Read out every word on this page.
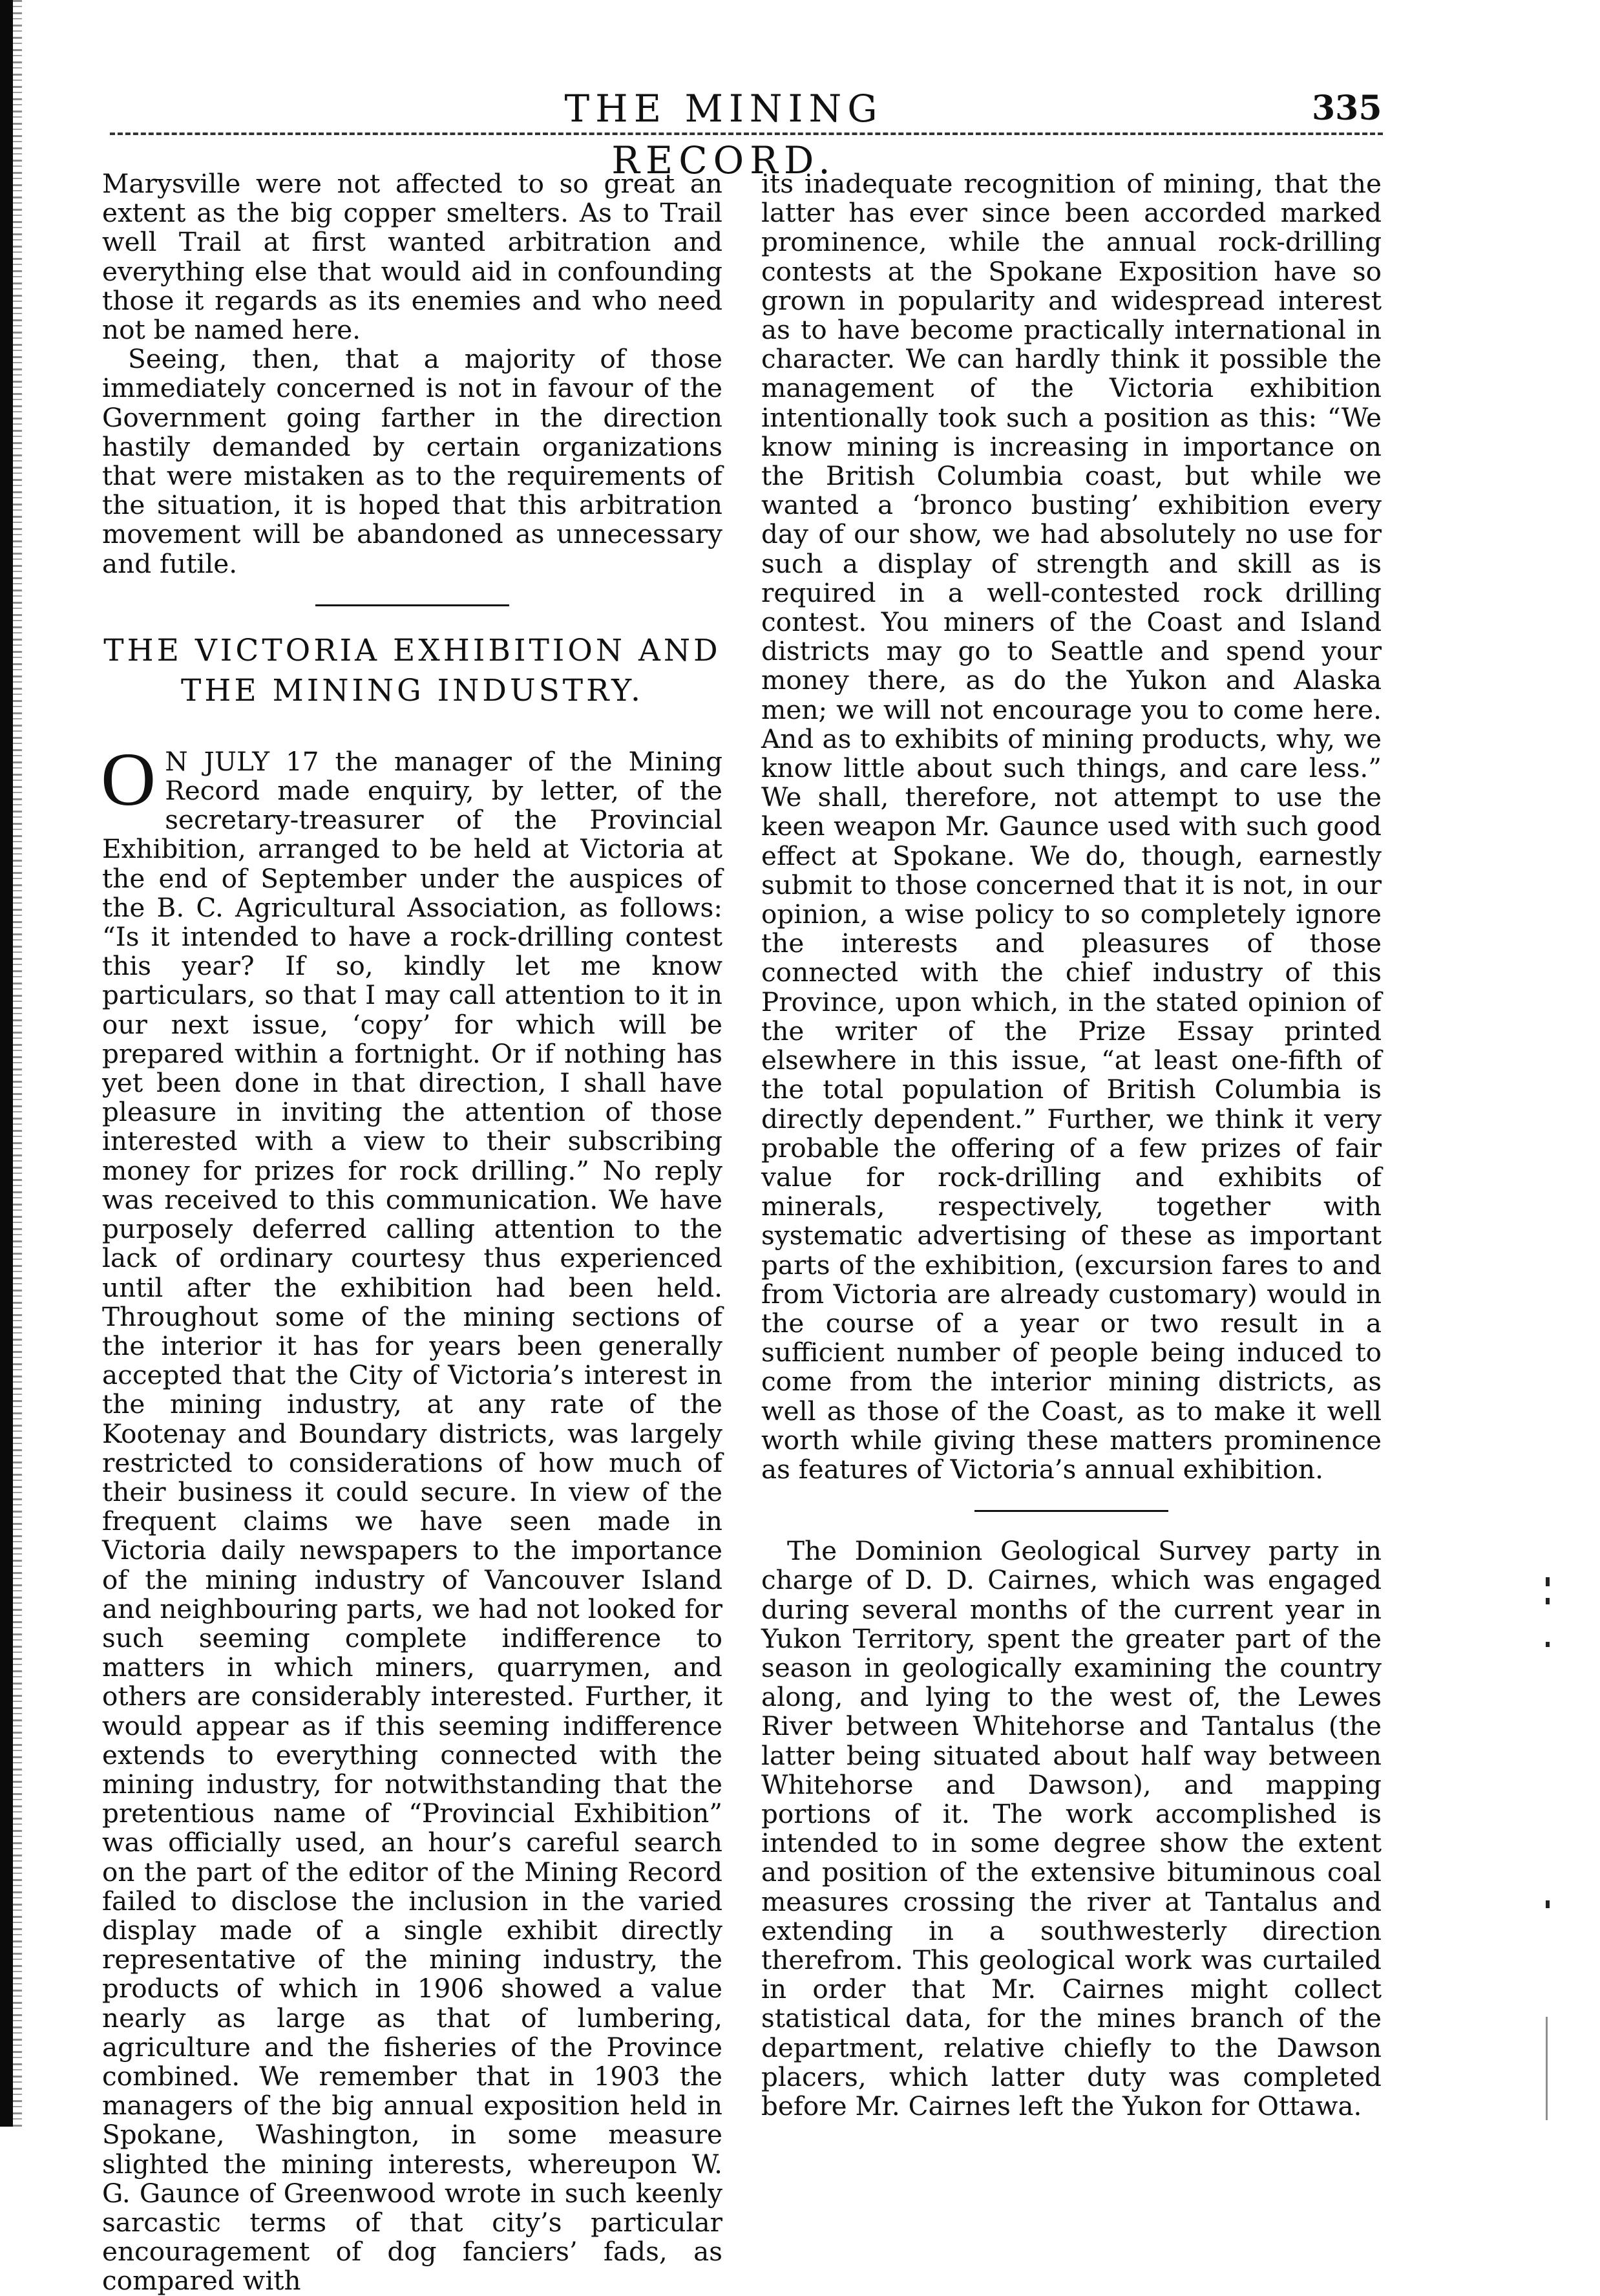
THE MINING RECORD.
335

Marysville were not affected to so great an extent as the big copper smelters. As to Trail well Trail at first wanted arbitration and everything else that would aid in confounding those it regards as its enemies and who need not be named here.

Seeing, then, that a majority of those immediately concerned is not in favour of the Government going farther in the direction hastily demanded by certain organizations that were mistaken as to the requirements of the situation, it is hoped that this arbitration movement will be abandoned as unnecessary and futile.

THE VICTORIA EXHIBITION AND THE MINING INDUSTRY.

O N JULY 17 the manager of the Mining Record made enquiry, by letter, of the secretary-treasurer of the Provincial Exhibition, arranged to be held at Victoria at the end of September under the auspices of the B. C. Agricultural Association, as follows: “Is it intended to have a rock-drilling contest this year? If so, kindly let me know particulars, so that I may call attention to it in our next issue, ‘copy’ for which will be prepared within a fortnight. Or if nothing has yet been done in that direction, I shall have pleasure in inviting the attention of those interested with a view to their subscribing money for prizes for rock drilling.” No reply was received to this communication. We have purposely deferred calling attention to the lack of ordinary courtesy thus experienced until after the exhibition had been held. Throughout some of the mining sections of the interior it has for years been generally accepted that the City of Victoria’s interest in the mining industry, at any rate of the Kootenay and Boundary districts, was largely restricted to considerations of how much of their business it could secure. In view of the frequent claims we have seen made in Victoria daily newspapers to the importance of the mining industry of Vancouver Island and neighbouring parts, we had not looked for such seeming complete indifference to matters in which miners, quarrymen, and others are considerably interested. Further, it would appear as if this seeming indifference extends to everything connected with the mining industry, for notwithstanding that the pretentious name of “Provincial Exhibition” was officially used, an hour’s careful search on the part of the editor of the Mining Record failed to disclose the inclusion in the varied display made of a single exhibit directly representative of the mining industry, the products of which in 1906 showed a value nearly as large as that of lumbering, agriculture and the fisheries of the Province combined. We remember that in 1903 the managers of the big annual exposition held in Spokane, Washington, in some measure slighted the mining interests, whereupon W. G. Gaunce of Greenwood wrote in such keenly sarcastic terms of that city’s particular encouragement of dog fanciers’ fads, as compared with

its inadequate recognition of mining, that the latter has ever since been accorded marked prominence, while the annual rock-drilling contests at the Spokane Exposition have so grown in popularity and widespread interest as to have become practically international in character. We can hardly think it possible the management of the Victoria exhibition intentionally took such a position as this: “We know mining is increasing in importance on the British Columbia coast, but while we wanted a ‘bronco busting’ exhibition every day of our show, we had absolutely no use for such a display of strength and skill as is required in a well-contested rock drilling contest. You miners of the Coast and Island districts may go to Seattle and spend your money there, as do the Yukon and Alaska men; we will not encourage you to come here. And as to exhibits of mining products, why, we know little about such things, and care less.” We shall, therefore, not attempt to use the keen weapon Mr. Gaunce used with such good effect at Spokane. We do, though, earnestly submit to those concerned that it is not, in our opinion, a wise policy to so completely ignore the interests and pleasures of those connected with the chief industry of this Province, upon which, in the stated opinion of the writer of the Prize Essay printed elsewhere in this issue, “at least one-fifth of the total population of British Columbia is directly dependent.” Further, we think it very probable the offering of a few prizes of fair value for rock-drilling and exhibits of minerals, respectively, together with systematic advertising of these as important parts of the exhibition, (excursion fares to and from Victoria are already customary) would in the course of a year or two result in a sufficient number of people being induced to come from the interior mining districts, as well as those of the Coast, as to make it well worth while giving these matters prominence as features of Victoria’s annual exhibition.

The Dominion Geological Survey party in charge of D. D. Cairnes, which was engaged during several months of the current year in Yukon Territory, spent the greater part of the season in geologically examining the country along, and lying to the west of, the Lewes River between Whitehorse and Tantalus (the latter being situated about half way between Whitehorse and Dawson), and mapping portions of it. The work accomplished is intended to in some degree show the extent and position of the extensive bituminous coal measures crossing the river at Tantalus and extending in a southwesterly direction therefrom. This geological work was curtailed in order that Mr. Cairnes might collect statistical data, for the mines branch of the department, relative chiefly to the Dawson placers, which latter duty was completed before Mr. Cairnes left the Yukon for Ottawa.
